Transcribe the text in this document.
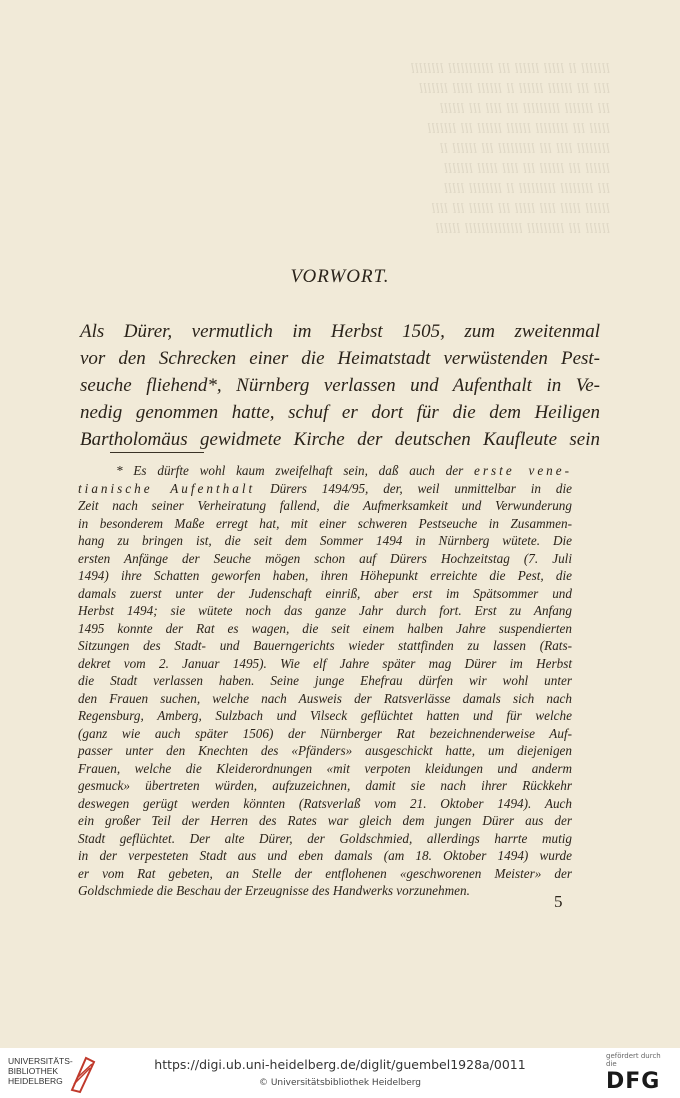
lllllll ll lllll llllll lll lllllllllll llllllll
llll lll llllll llllll ll llllll lllll lllllll
lll lllllll lllllllll lll llll lll llllll
lllll lll llllllll llllll llllll lll lllllll
llllllll llll lll lllllllll lll llllll ll
llllll lll llllll lll llll lllll lllllll
lll llllllll lllllllll ll llllllll lllll
llllll lllll llll lllll lll llllll lll llll
llllll lll lllllllll llllllllllllll llllll

VORWORT.
Als Dürer, vermutlich im Herbst 1505, zum zweitenmal
vor den Schrecken einer die Heimatstadt verwüstenden Pest-
seuche fliehend*, Nürnberg verlassen und Aufenthalt in Ve-
nedig genommen hatte, schuf er dort für die dem Heiligen
Bartholomäus gewidmete Kirche der deutschen Kaufleute sein
* Es dürfte wohl kaum zweifelhaft sein, daß auch der erste vene-
tianische Aufenthalt Dürers 1494/95, der, weil unmittelbar in die
Zeit nach seiner Verheiratung fallend, die Aufmerksamkeit und Verwunderung
in besonderem Maße erregt hat, mit einer schweren Pestseuche in Zusammen-
hang zu bringen ist, die seit dem Sommer 1494 in Nürnberg wütete. Die
ersten Anfänge der Seuche mögen schon auf Dürers Hochzeitstag (7. Juli
1494) ihre Schatten geworfen haben, ihren Höhepunkt erreichte die Pest, die
damals zuerst unter der Judenschaft einriß, aber erst im Spätsommer und
Herbst 1494; sie wütete noch das ganze Jahr durch fort. Erst zu Anfang
1495 konnte der Rat es wagen, die seit einem halben Jahre suspendierten
Sitzungen des Stadt- und Bauerngerichts wieder stattfinden zu lassen (Rats-
dekret vom 2. Januar 1495). Wie elf Jahre später mag Dürer im Herbst
die Stadt verlassen haben. Seine junge Ehefrau dürfen wir wohl unter
den Frauen suchen, welche nach Ausweis der Ratsverlässe damals sich nach
Regensburg, Amberg, Sulzbach und Vilseck geflüchtet hatten und für welche
(ganz wie auch später 1506) der Nürnberger Rat bezeichnenderweise Auf-
passer unter den Knechten des «Pfänders» ausgeschickt hatte, um diejenigen
Frauen, welche die Kleiderordnungen «mit verpoten kleidungen und anderm
gesmuck» übertreten würden, aufzuzeichnen, damit sie nach ihrer Rückkehr
deswegen gerügt werden könnten (Ratsverlaß vom 21. Oktober 1494). Auch
ein großer Teil der Herren des Rates war gleich dem jungen Dürer aus der
Stadt geflüchtet. Der alte Dürer, der Goldschmied, allerdings harrte mutig
in der verpesteten Stadt aus und eben damals (am 18. Oktober 1494) wurde
er vom Rat gebeten, an Stelle der entflohenen «geschworenen Meister» der
Goldschmiede die Beschau der Erzeugnisse des Handwerks vorzunehmen.
5
UNIVERSITÄTS-
BIBLIOTHEK
HEIDELBERG
https://digi.ub.uni-heidelberg.de/diglit/guembel1928a/0011
© Universitätsbibliothek Heidelberg
gefördert durch die
DFG
